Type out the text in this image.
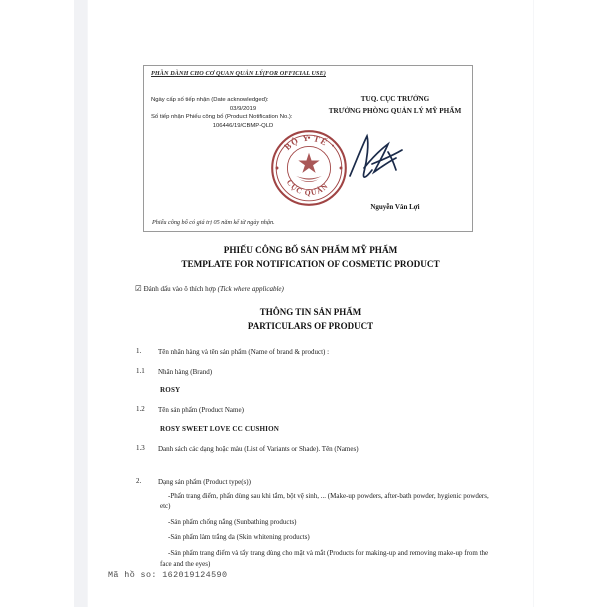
PHẦN DÀNH CHO CƠ QUAN QUẢN LÝ(FOR OFFICIAL USE)
Ngày cấp số tiếp nhận (Date acknowledged):
03/9/2019
Số tiếp nhận Phiếu công bố (Product Notification No.):
106446/19/CBMP-QLD
TUQ. CỤC TRƯỞNG
TRƯỞNG PHÒNG QUẢN LÝ MỸ PHẨM
BỘ Y TẾ
CỤC QUẢN
Nguyễn Văn Lợi
Phiếu công bố có giá trị 05 năm kể từ ngày nhận.
PHIẾU CÔNG BỐ SẢN PHẨM MỸ PHẨM
TEMPLATE FOR NOTIFICATION OF COSMETIC PRODUCT
☑ Đánh dấu vào ô thích hợp (Tick where applicable)
THÔNG TIN SẢN PHẨM
PARTICULARS OF PRODUCT
1.	Tên nhãn hàng và tên sản phẩm (Name of brand & product) :
1.1	Nhãn hàng (Brand)
ROSY
1.2	Tên sản phẩm (Product Name)
ROSY SWEET LOVE CC CUSHION
1.3	Danh sách các dạng hoặc màu (List of Variants or Shade). Tên (Names)
2.	Dạng sản phẩm (Product type(s))
-Phấn trang điểm, phấn dùng sau khi tắm, bột vệ sinh, ... (Make-up powders, after-bath powder, hygienic powders, etc)
-Sản phẩm chống nắng (Sunbathing products)
-Sản phẩm làm trắng da (Skin whitening products)
-Sản phẩm trang điểm và tẩy trang dùng cho mặt và mắt (Products for making-up and removing make-up from the face and the eyes)
Mã hồ so: 162019124590
